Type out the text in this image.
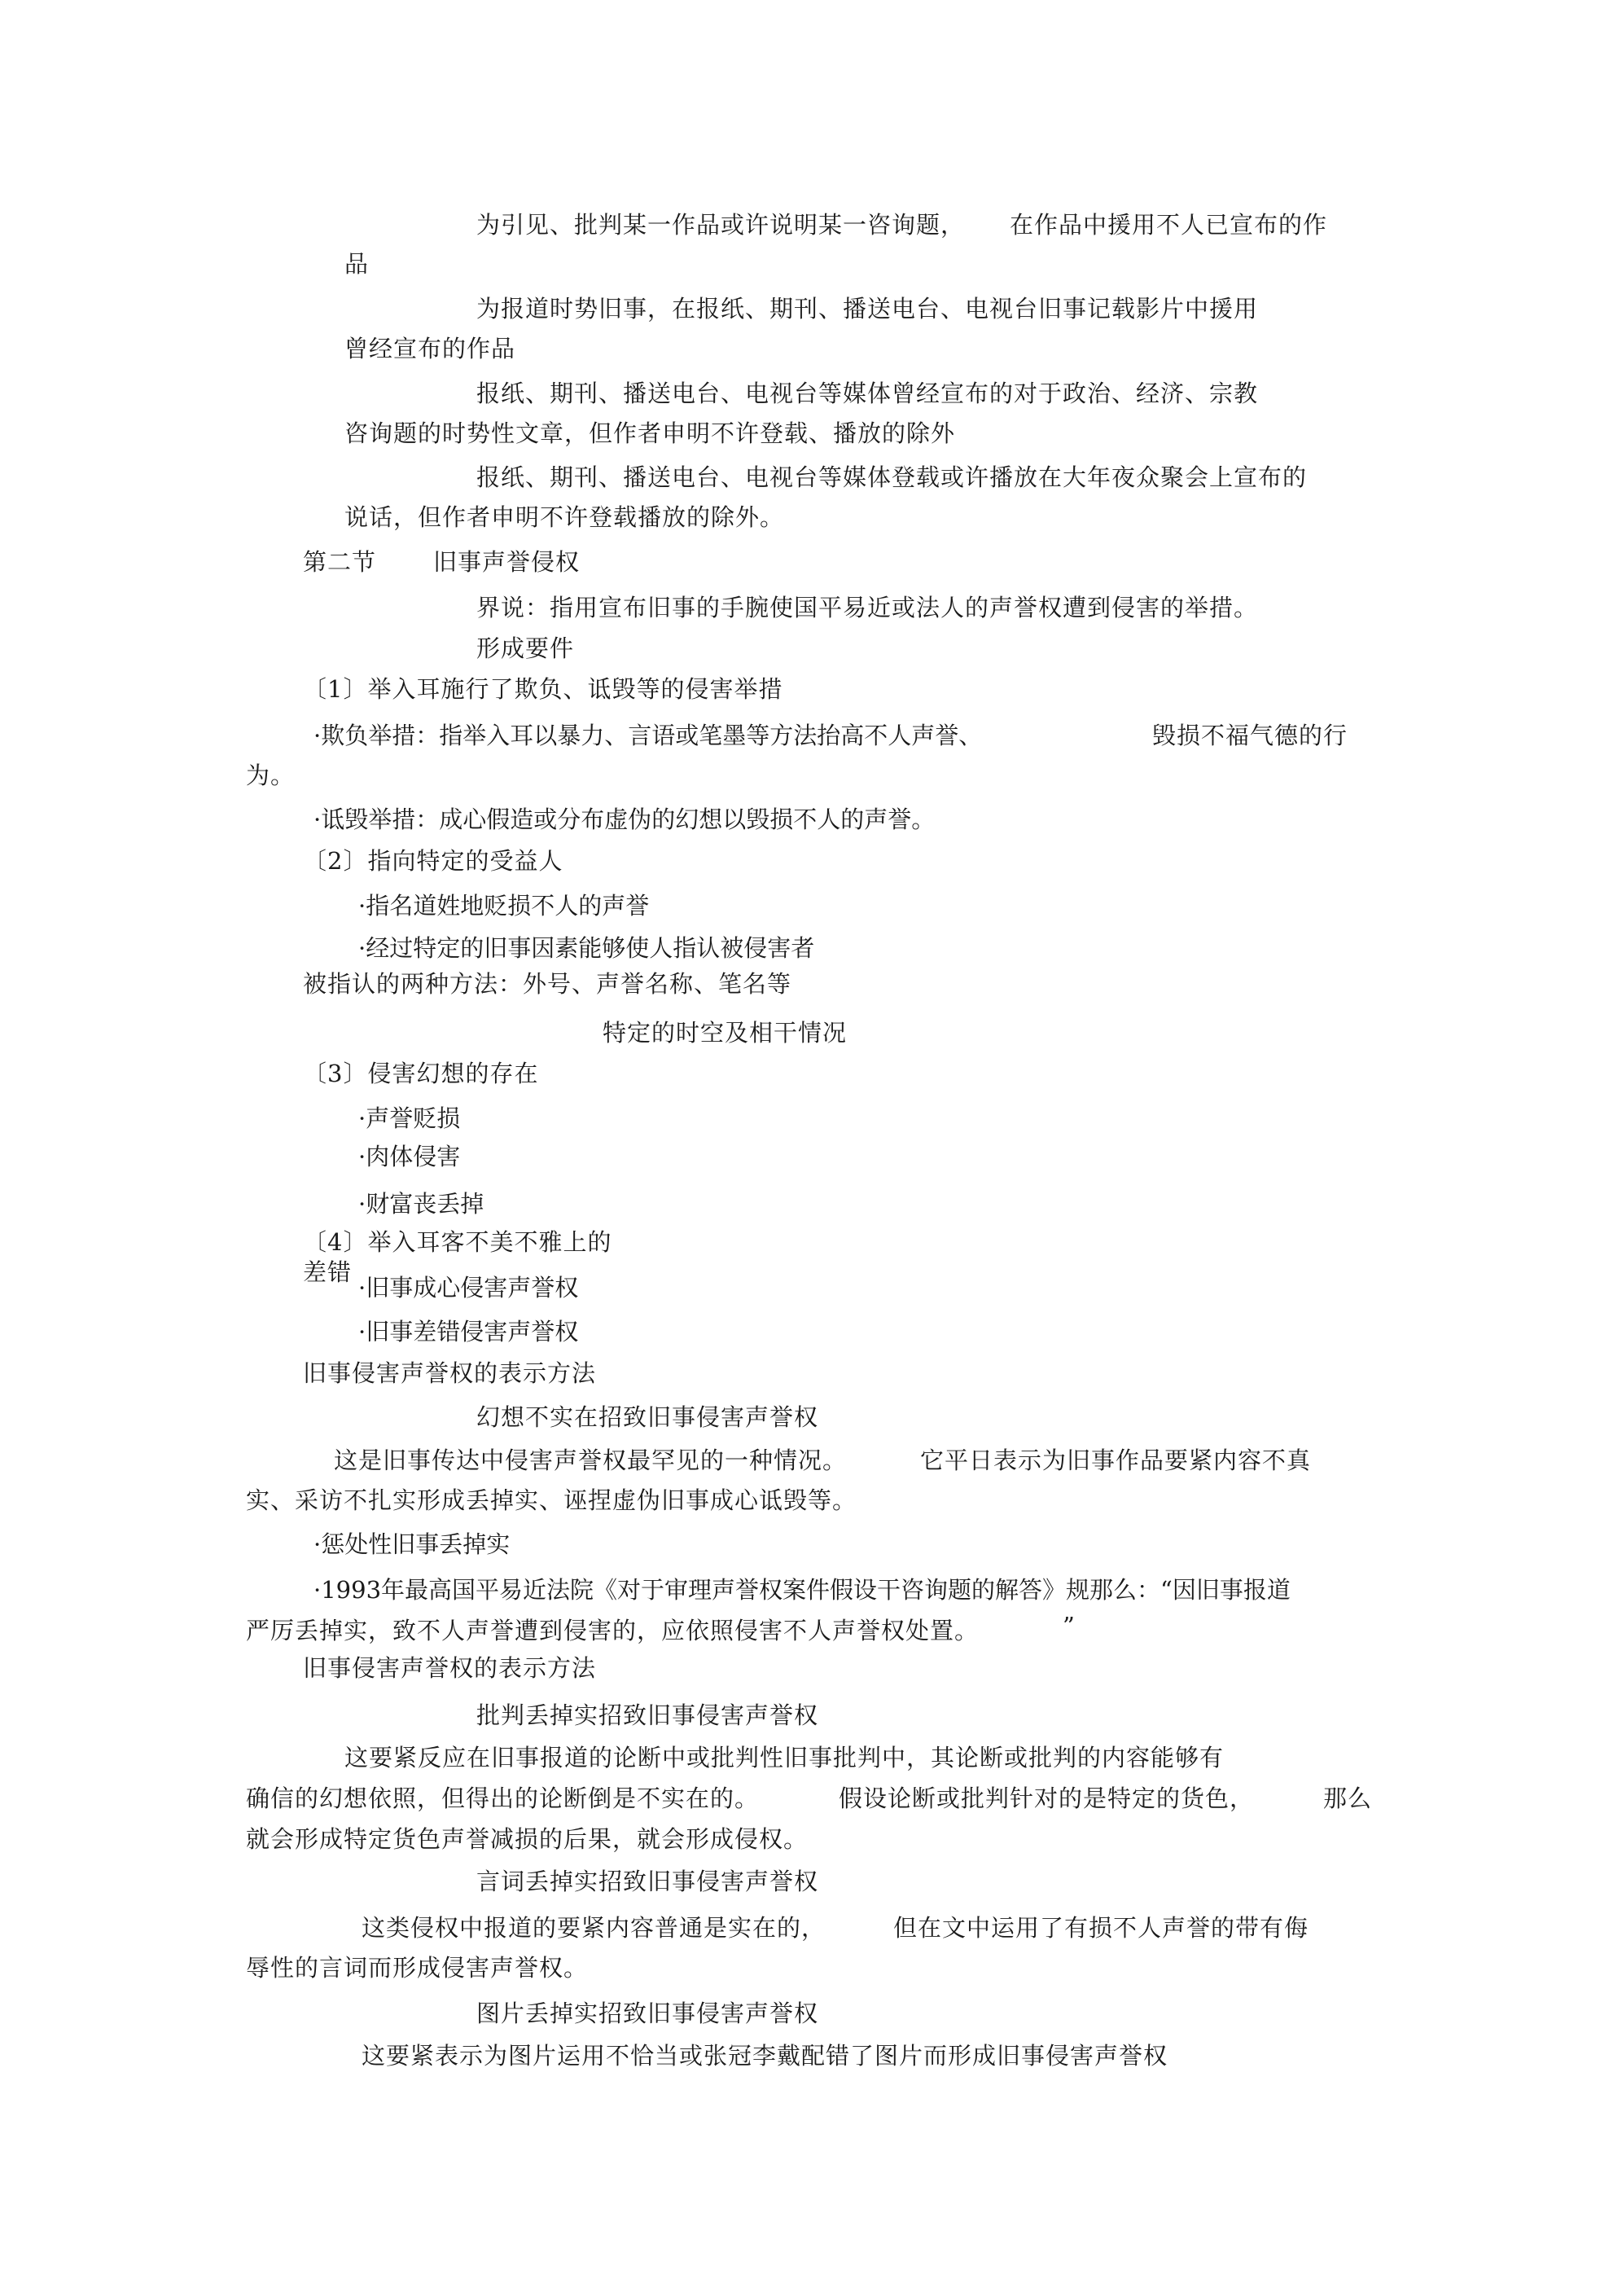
为引见、批判某一作品或许说明某一咨询题， 在作品中援用不人已宣布的作
品
为报道时势旧事，在报纸、期刊、播送电台、电视台旧事记载影片中援用
曾经宣布的作品
报纸、期刊、播送电台、电视台等媒体曾经宣布的对于政治、经济、宗教
咨询题的时势性文章，但作者申明不许登载、播放的除外
报纸、期刊、播送电台、电视台等媒体登载或许播放在大年夜众聚会上宣布的
说话，但作者申明不许登载播放的除外。
第二节 旧事声誉侵权
界说：指用宣布旧事的手腕使国平易近或法人的声誉权遭到侵害的举措。
形成要件
〔1〕举入耳施行了欺负、诋毁等的侵害举措
·欺负举措：指举入耳以暴力、言语或笔墨等方法抬高不人声誉、	毁损不福气德的行
为。
·诋毁举措：成心假造或分布虚伪的幻想以毁损不人的声誉。
〔2〕指向特定的受益人
·指名道姓地贬损不人的声誉
·经过特定的旧事因素能够使人指认被侵害者
被指认的两种方法：外号、声誉名称、笔名等
特定的时空及相干情况
〔3〕侵害幻想的存在
·声誉贬损
·肉体侵害
·财富丧丢掉
〔4〕举入耳客不美不雅上的
差错
·旧事成心侵害声誉权
·旧事差错侵害声誉权
旧事侵害声誉权的表示方法
幻想不实在招致旧事侵害声誉权
这是旧事传达中侵害声誉权最罕见的一种情况。	它平日表示为旧事作品要紧内容不真
实、采访不扎实形成丢掉实、诬捏虚伪旧事成心诋毁等。
·惩处性旧事丢掉实
·1993年最高国平易近法院《对于审理声誉权案件假设干咨询题的解答》规那么：“因旧事报道
严厉丢掉实，致不人声誉遭到侵害的，应依照侵害不人声誉权处置。	”
旧事侵害声誉权的表示方法
批判丢掉实招致旧事侵害声誉权
这要紧反应在旧事报道的论断中或批判性旧事批判中，其论断或批判的内容能够有
确信的幻想依照，但得出的论断倒是不实在的。	假设论断或批判针对的是特定的货色，	那么
就会形成特定货色声誉减损的后果，就会形成侵权。
言词丢掉实招致旧事侵害声誉权
这类侵权中报道的要紧内容普通是实在的，	但在文中运用了有损不人声誉的带有侮
辱性的言词而形成侵害声誉权。
图片丢掉实招致旧事侵害声誉权
这要紧表示为图片运用不恰当或张冠李戴配错了图片而形成旧事侵害声誉权
